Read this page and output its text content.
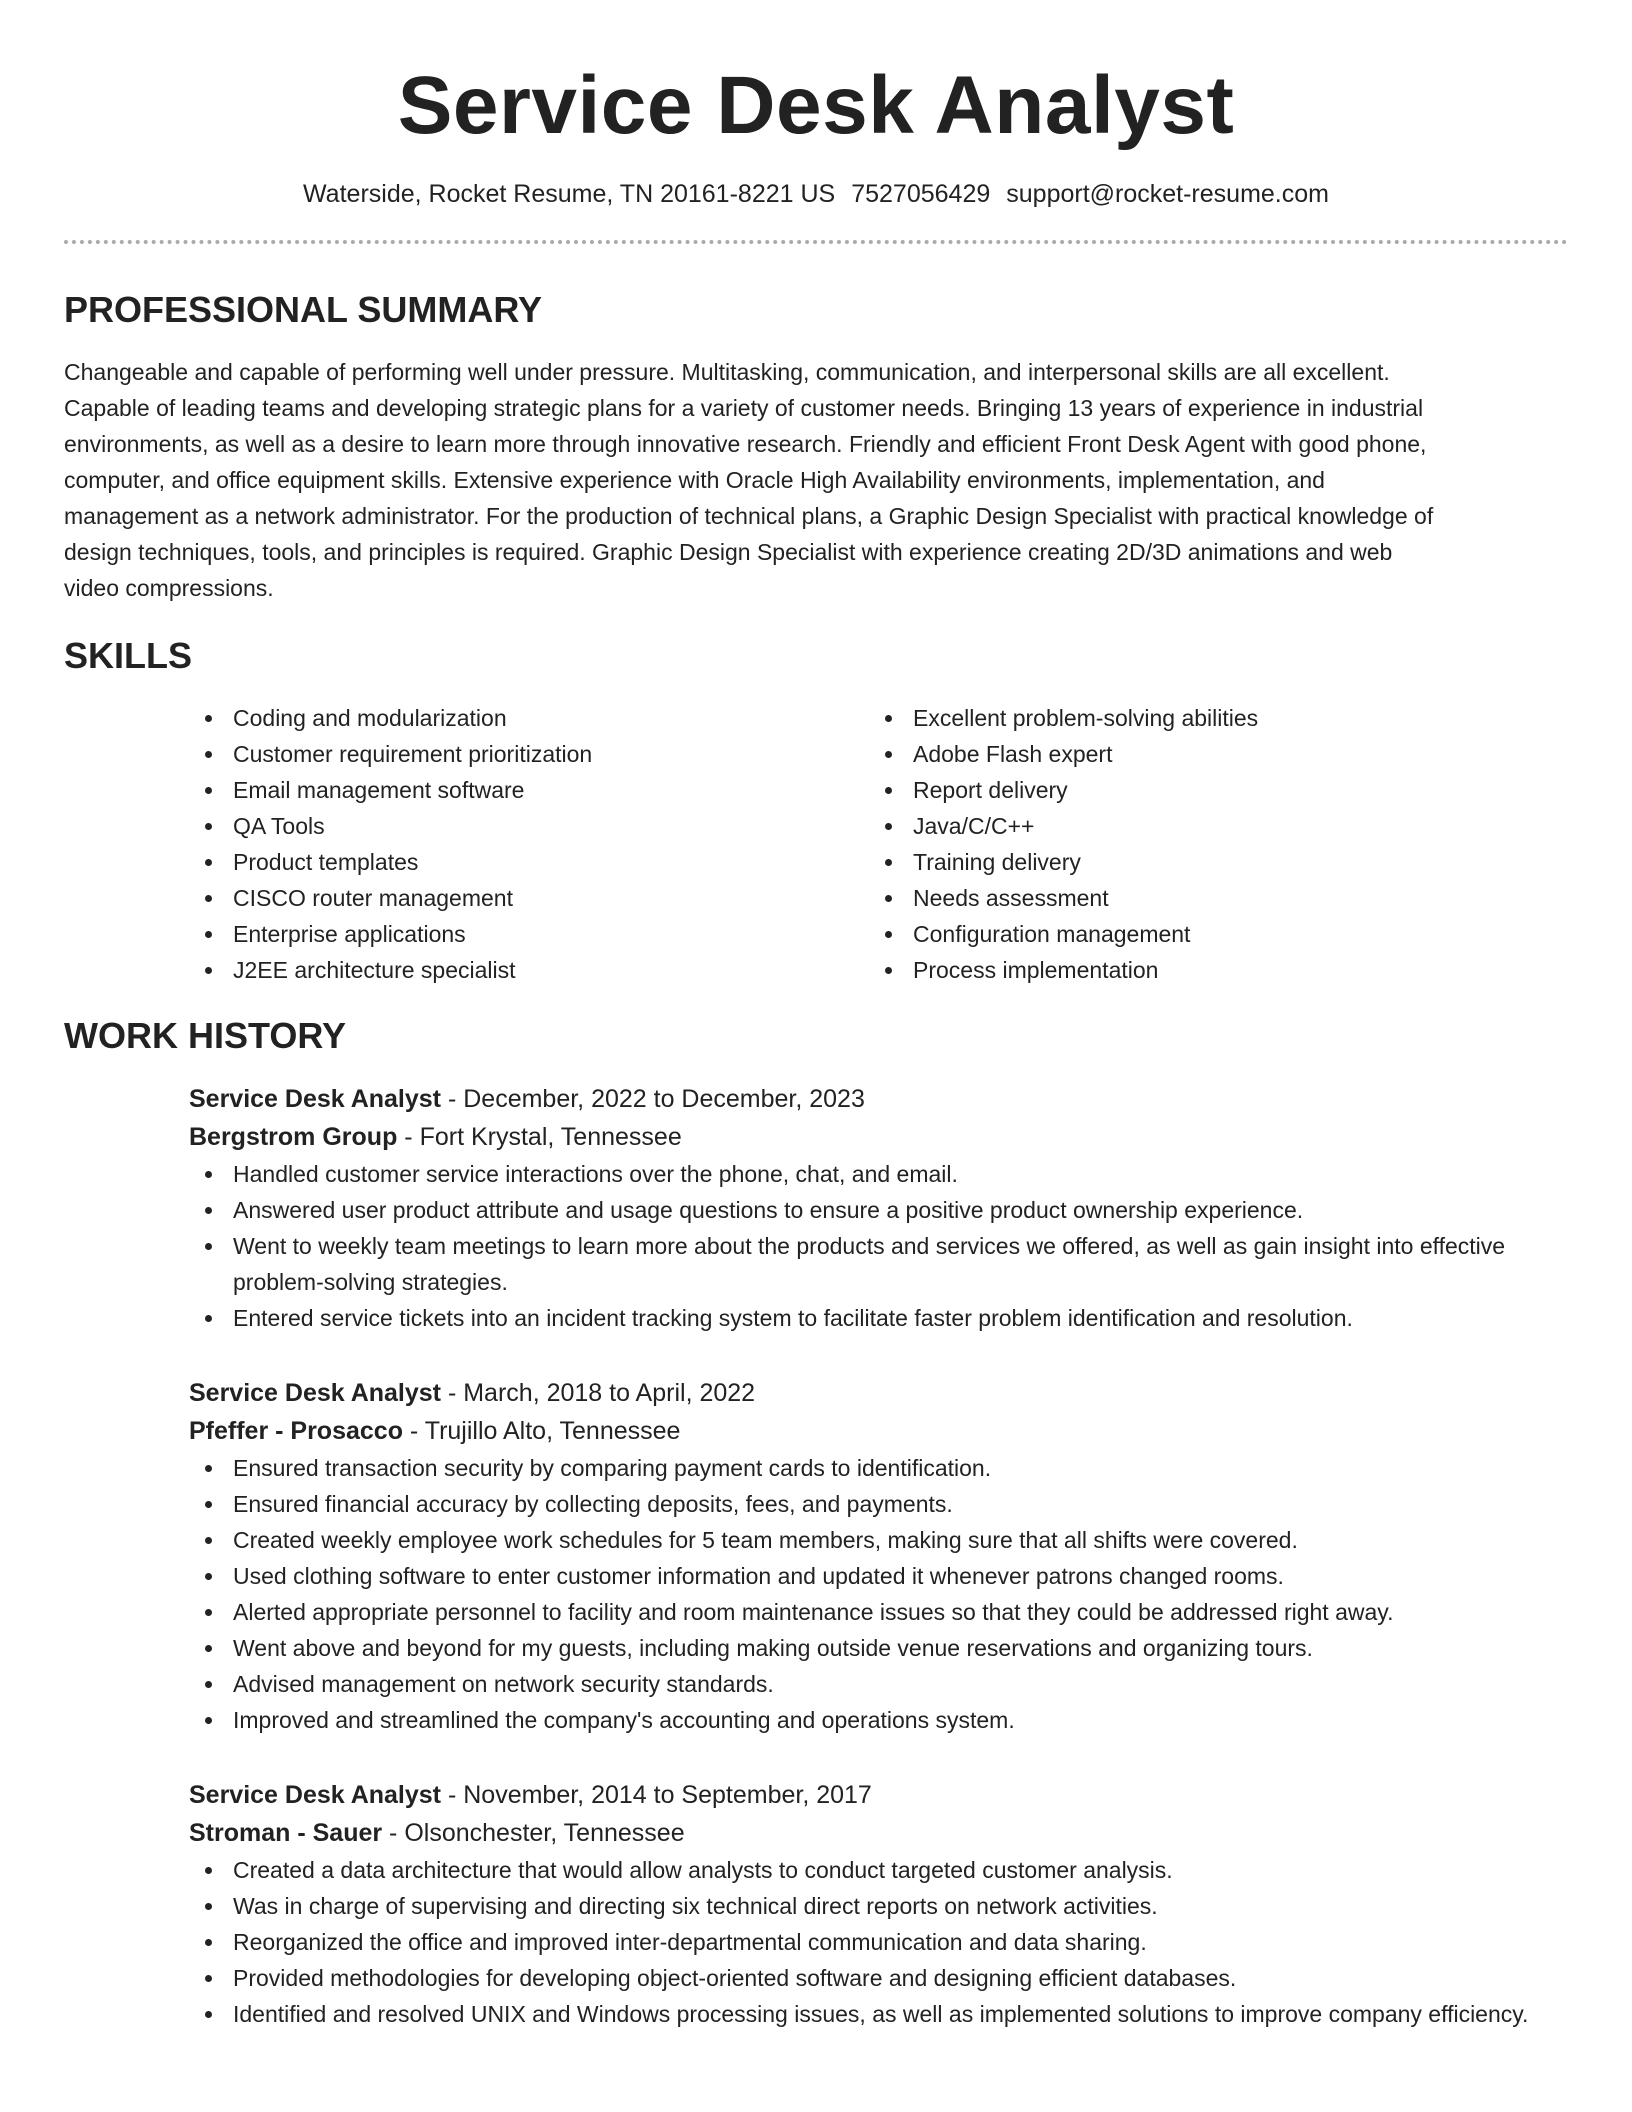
Service Desk Analyst
Waterside, Rocket Resume, TN 20161-8221 US 7527056429 support@rocket-resume.com
PROFESSIONAL SUMMARY

Changeable and capable of performing well under pressure. Multitasking, communication, and interpersonal skills are all excellent. Capable of leading teams and developing strategic plans for a variety of customer needs. Bringing 13 years of experience in industrial environments, as well as a desire to learn more through innovative research. Friendly and efficient Front Desk Agent with good phone, computer, and office equipment skills. Extensive experience with Oracle High Availability environments, implementation, and management as a network administrator. For the production of technical plans, a Graphic Design Specialist with practical knowledge of design techniques, tools, and principles is required. Graphic Design Specialist with experience creating 2D/3D animations and web video compressions.

SKILLS
Coding and modularization
Customer requirement prioritization
Email management software
QA Tools
Product templates
CISCO router management
Enterprise applications
J2EE architecture specialist
Excellent problem-solving abilities
Adobe Flash expert
Report delivery
Java/C/C++
Training delivery
Needs assessment
Configuration management
Process implementation
WORK HISTORY
Service Desk Analyst - December, 2022 to December, 2023
Bergstrom Group - Fort Krystal, Tennessee
Handled customer service interactions over the phone, chat, and email.
Answered user product attribute and usage questions to ensure a positive product ownership experience.
Went to weekly team meetings to learn more about the products and services we offered, as well as gain insight into effective problem-solving strategies.
Entered service tickets into an incident tracking system to facilitate faster problem identification and resolution.
Service Desk Analyst - March, 2018 to April, 2022
Pfeffer - Prosacco - Trujillo Alto, Tennessee
Ensured transaction security by comparing payment cards to identification.
Ensured financial accuracy by collecting deposits, fees, and payments.
Created weekly employee work schedules for 5 team members, making sure that all shifts were covered.
Used clothing software to enter customer information and updated it whenever patrons changed rooms.
Alerted appropriate personnel to facility and room maintenance issues so that they could be addressed right away.
Went above and beyond for my guests, including making outside venue reservations and organizing tours.
Advised management on network security standards.
Improved and streamlined the company's accounting and operations system.
Service Desk Analyst - November, 2014 to September, 2017
Stroman - Sauer - Olsonchester, Tennessee
Created a data architecture that would allow analysts to conduct targeted customer analysis.
Was in charge of supervising and directing six technical direct reports on network activities.
Reorganized the office and improved inter-departmental communication and data sharing.
Provided methodologies for developing object-oriented software and designing efficient databases.
Identified and resolved UNIX and Windows processing issues, as well as implemented solutions to improve company efficiency.
